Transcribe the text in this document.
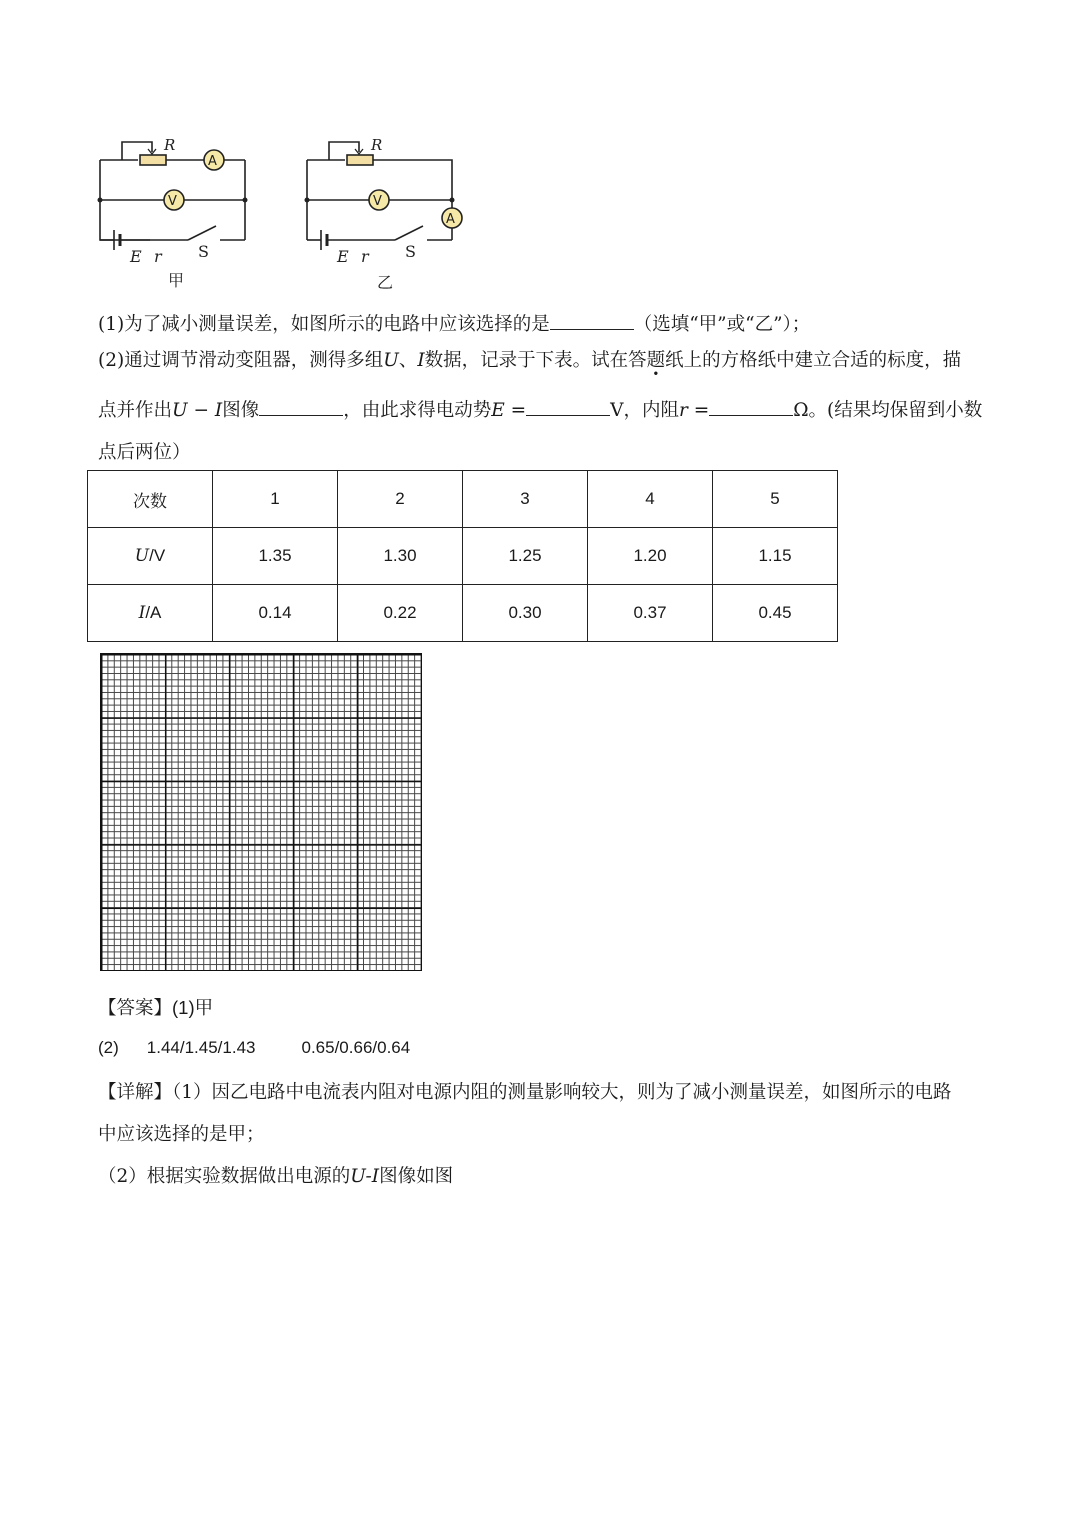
A
V
R
E r S
甲
A
V
R
E r S
乙
(1)为了减小测量误差，如图所示的电路中应该选择的是	（选填“甲”或“乙”）；
(2)通过调节滑动变阻器，测得多组U、I数据，记录于下表。试在答题纸上的方格纸中建立合适的标度，描
点并作出U − I图像	，由此求得电动势E =	V，内阻r =	Ω。(结果均保留到小数
点后两位）
次数	1	2	3	4	5
U/V	1.35	1.30	1.25	1.20	1.15
I/A	0.14	0.22	0.30	0.37	0.45
【答案】(1)甲
(2) 1.44/1.45/1.43	0.65/0.66/0.64
【详解】（1）因乙电路中电流表内阻对电源内阻的测量影响较大，则为了减小测量误差，如图所示的电路
中应该选择的是甲；
（2）根据实验数据做出电源的U-I图像如图
